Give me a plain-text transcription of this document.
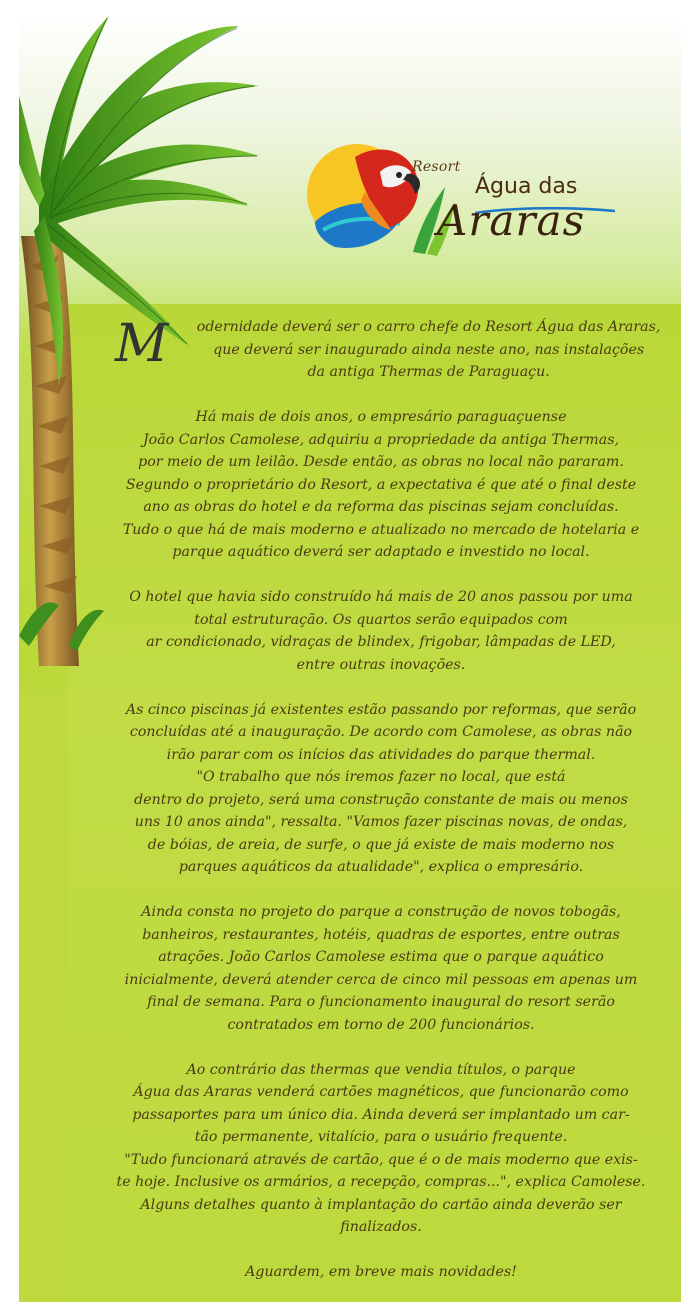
Resort
Água das
Araras

M odernidade deverá ser o carro chefe do Resort Água das Araras,
que deverá ser inaugurado ainda neste ano, nas instalações
da antiga Thermas de Paraguaçu.

Há mais de dois anos, o empresário paraguaçuense
João Carlos Camolese, adquiriu a propriedade da antiga Thermas,
por meio de um leilão. Desde então, as obras no local não pararam.
Segundo o proprietário do Resort, a expectativa é que até o final deste
ano as obras do hotel e da reforma das piscinas sejam concluídas.
Tudo o que há de mais moderno e atualizado no mercado de hotelaria e
parque aquático deverá ser adaptado e investido no local.

O hotel que havia sido construído há mais de 20 anos passou por uma
total estruturação. Os quartos serão equipados com
ar condicionado, vidraças de blindex, frigobar, lâmpadas de LED,
entre outras inovações.

As cinco piscinas já existentes estão passando por reformas, que serão
concluídas até a inauguração. De acordo com Camolese, as obras não
irão parar com os inícios das atividades do parque thermal.
"O trabalho que nós iremos fazer no local, que está
dentro do projeto, será uma construção constante de mais ou menos
uns 10 anos ainda", ressalta. "Vamos fazer piscinas novas, de ondas,
de bóias, de areia, de surfe, o que já existe de mais moderno nos
parques aquáticos da atualidade", explica o empresário.

Ainda consta no projeto do parque a construção de novos tobogãs,
banheiros, restaurantes, hotéis, quadras de esportes, entre outras
atrações. João Carlos Camolese estima que o parque aquático
inicialmente, deverá atender cerca de cinco mil pessoas em apenas um
final de semana. Para o funcionamento inaugural do resort serão
contratados em torno de 200 funcionários.

Ao contrário das thermas que vendia títulos, o parque
Água das Araras venderá cartões magnéticos, que funcionarão como
passaportes para um único dia. Ainda deverá ser implantado um car-
tão permanente, vitalício, para o usuário frequente.
"Tudo funcionará através de cartão, que é o de mais moderno que exis-
te hoje. Inclusive os armários, a recepção, compras...", explica Camolese.
Alguns detalhes quanto à implantação do cartão ainda deverão ser
finalizados.

Aguardem, em breve mais novidades!
